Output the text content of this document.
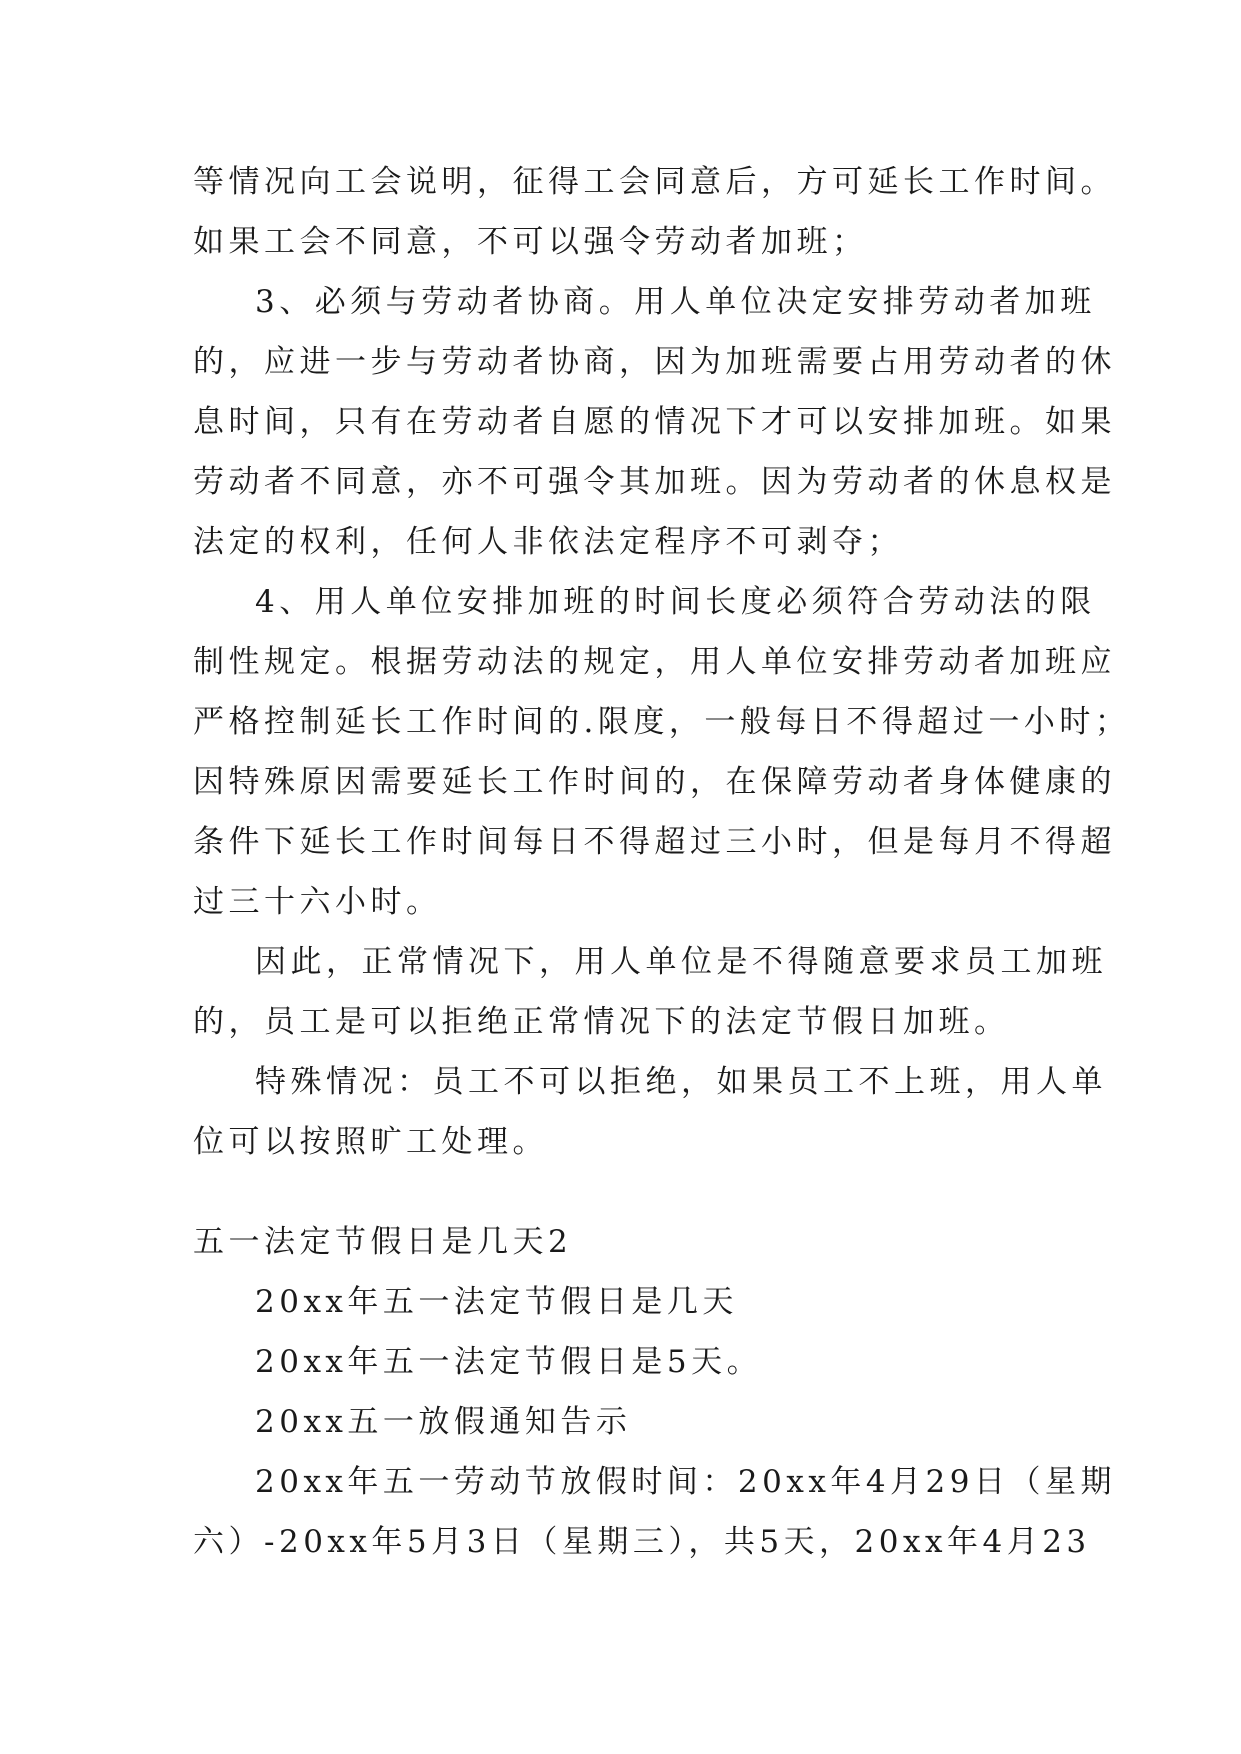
等情况向工会说明，征得工会同意后，方可延长工作时间。
如果工会不同意，不可以强令劳动者加班；
3、必须与劳动者协商。用人单位决定安排劳动者加班
的，应进一步与劳动者协商，因为加班需要占用劳动者的休
息时间，只有在劳动者自愿的情况下才可以安排加班。如果
劳动者不同意，亦不可强令其加班。因为劳动者的休息权是
法定的权利，任何人非依法定程序不可剥夺；
4、用人单位安排加班的时间长度必须符合劳动法的限
制性规定。根据劳动法的规定，用人单位安排劳动者加班应
严格控制延长工作时间的.限度，一般每日不得超过一小时；
因特殊原因需要延长工作时间的，在保障劳动者身体健康的
条件下延长工作时间每日不得超过三小时，但是每月不得超
过三十六小时。
因此，正常情况下，用人单位是不得随意要求员工加班
的，员工是可以拒绝正常情况下的法定节假日加班。
特殊情况：员工不可以拒绝，如果员工不上班，用人单
位可以按照旷工处理。
五一法定节假日是几天2
20xx年五一法定节假日是几天
20xx年五一法定节假日是5天。
20xx五一放假通知告示
20xx年五一劳动节放假时间：20xx年4月29日（星期
六）-20xx年5月3日（星期三），共5天，20xx年4月23
